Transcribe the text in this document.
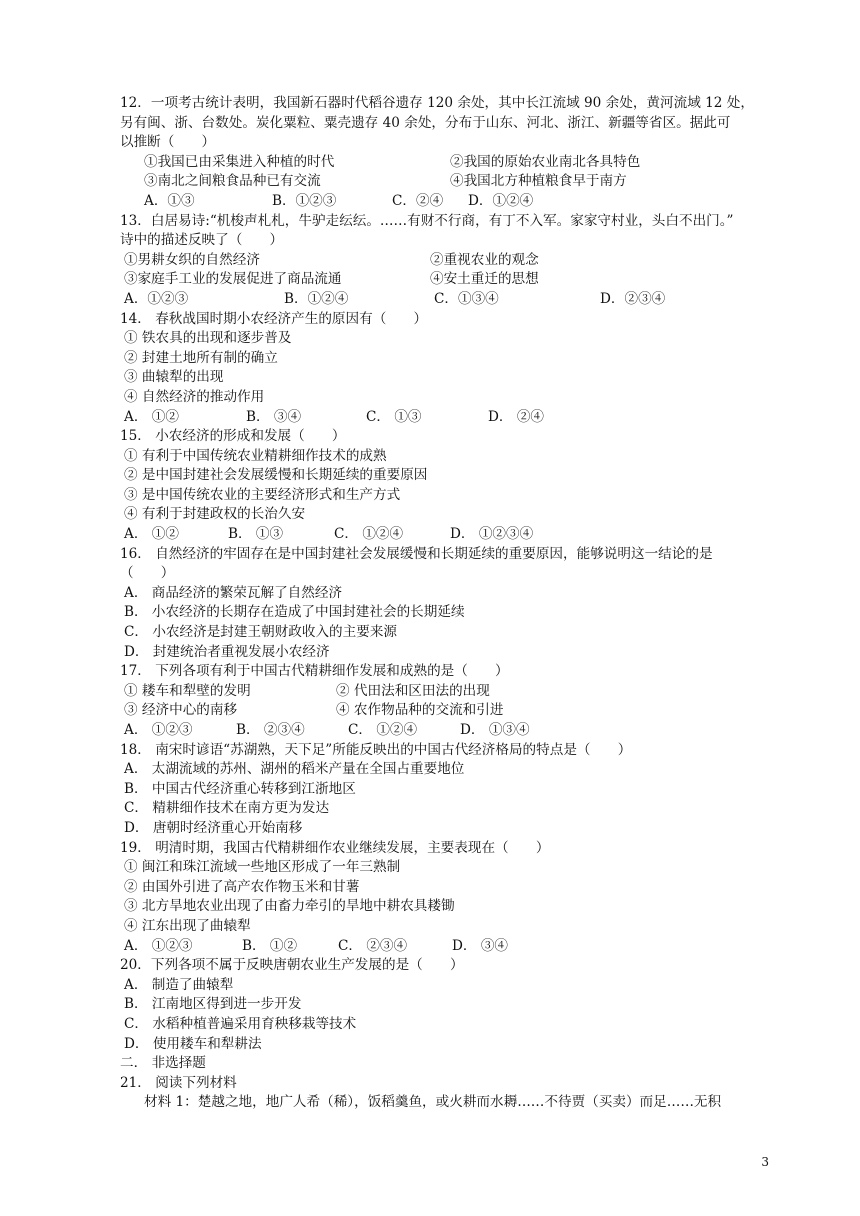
12．一项考古统计表明，我国新石器时代稻谷遗存 120 余处，其中长江流域 90 余处，黄河流域 12 处，
另有闽、浙、台数处。炭化粟粒、粟壳遗存 40 余处，分布于山东、河北、浙江、新疆等省区。据此可
以推断（　　）
①我国已由采集进入种植的时代	②我国的原始农业南北各具特色
③南北之间粮食品种已有交流	④我国北方种植粮食早于南方
A．①③	B．①②③	C．②④	D．①②④
13．白居易诗:“机梭声札札，牛驴走纭纭。……有财不行商，有丁不入军。家家守村业，头白不出门。”
诗中的描述反映了（　　）
①男耕女织的自然经济	②重视农业的观念
③家庭手工业的发展促进了商品流通	④安土重迁的思想
A．①②③	B．①②④	C．①③④	D．②③④
14． 春秋战国时期小农经济产生的原因有（　　）
① 铁农具的出现和逐步普及
② 封建土地所有制的确立
③ 曲辕犁的出现
④ 自然经济的推动作用
A． ①②	B． ③④	C． ①③	D． ②④
15． 小农经济的形成和发展（　　）
① 有利于中国传统农业精耕细作技术的成熟
② 是中国封建社会发展缓慢和长期延续的重要原因
③ 是中国传统农业的主要经济形式和生产方式
④ 有利于封建政权的长治久安
A． ①②	B． ①③	C． ①②④	D． ①②③④
16． 自然经济的牢固存在是中国封建社会发展缓慢和长期延续的重要原因，能够说明这一结论的是
（　　）
A． 商品经济的繁荣瓦解了自然经济
B． 小农经济的长期存在造成了中国封建社会的长期延续
C． 小农经济是封建王朝财政收入的主要来源
D． 封建统治者重视发展小农经济
17． 下列各项有利于中国古代精耕细作发展和成熟的是（　　）
① 耧车和犁壁的发明	② 代田法和区田法的出现
③ 经济中心的南移	④ 农作物品种的交流和引进
A． ①②③	B． ②③④	C． ①②④	D． ①③④
18． 南宋时谚语“苏湖熟，天下足”所能反映出的中国古代经济格局的特点是（　　）
A． 太湖流域的苏州、湖州的稻米产量在全国占重要地位
B． 中国古代经济重心转移到江浙地区
C． 精耕细作技术在南方更为发达
D． 唐朝时经济重心开始南移
19． 明清时期，我国古代精耕细作农业继续发展，主要表现在（　　）
① 闽江和珠江流域一些地区形成了一年三熟制
② 由国外引进了高产农作物玉米和甘薯
③ 北方旱地农业出现了由畜力牵引的旱地中耕农具耧锄
④ 江东出现了曲辕犁
A． ①②③	B． ①②	C． ②③④	D． ③④
20．下列各项不属于反映唐朝农业生产发展的是（　　）
A． 制造了曲辕犁
B． 江南地区得到进一步开发
C． 水稻种植普遍采用育秧移栽等技术
D． 使用耧车和犁耕法
二． 非选择题
21． 阅读下列材料
材料 1：楚越之地，地广人希（稀），饭稻羹鱼，或火耕而水耨……不待贾（买卖）而足……无积
3
